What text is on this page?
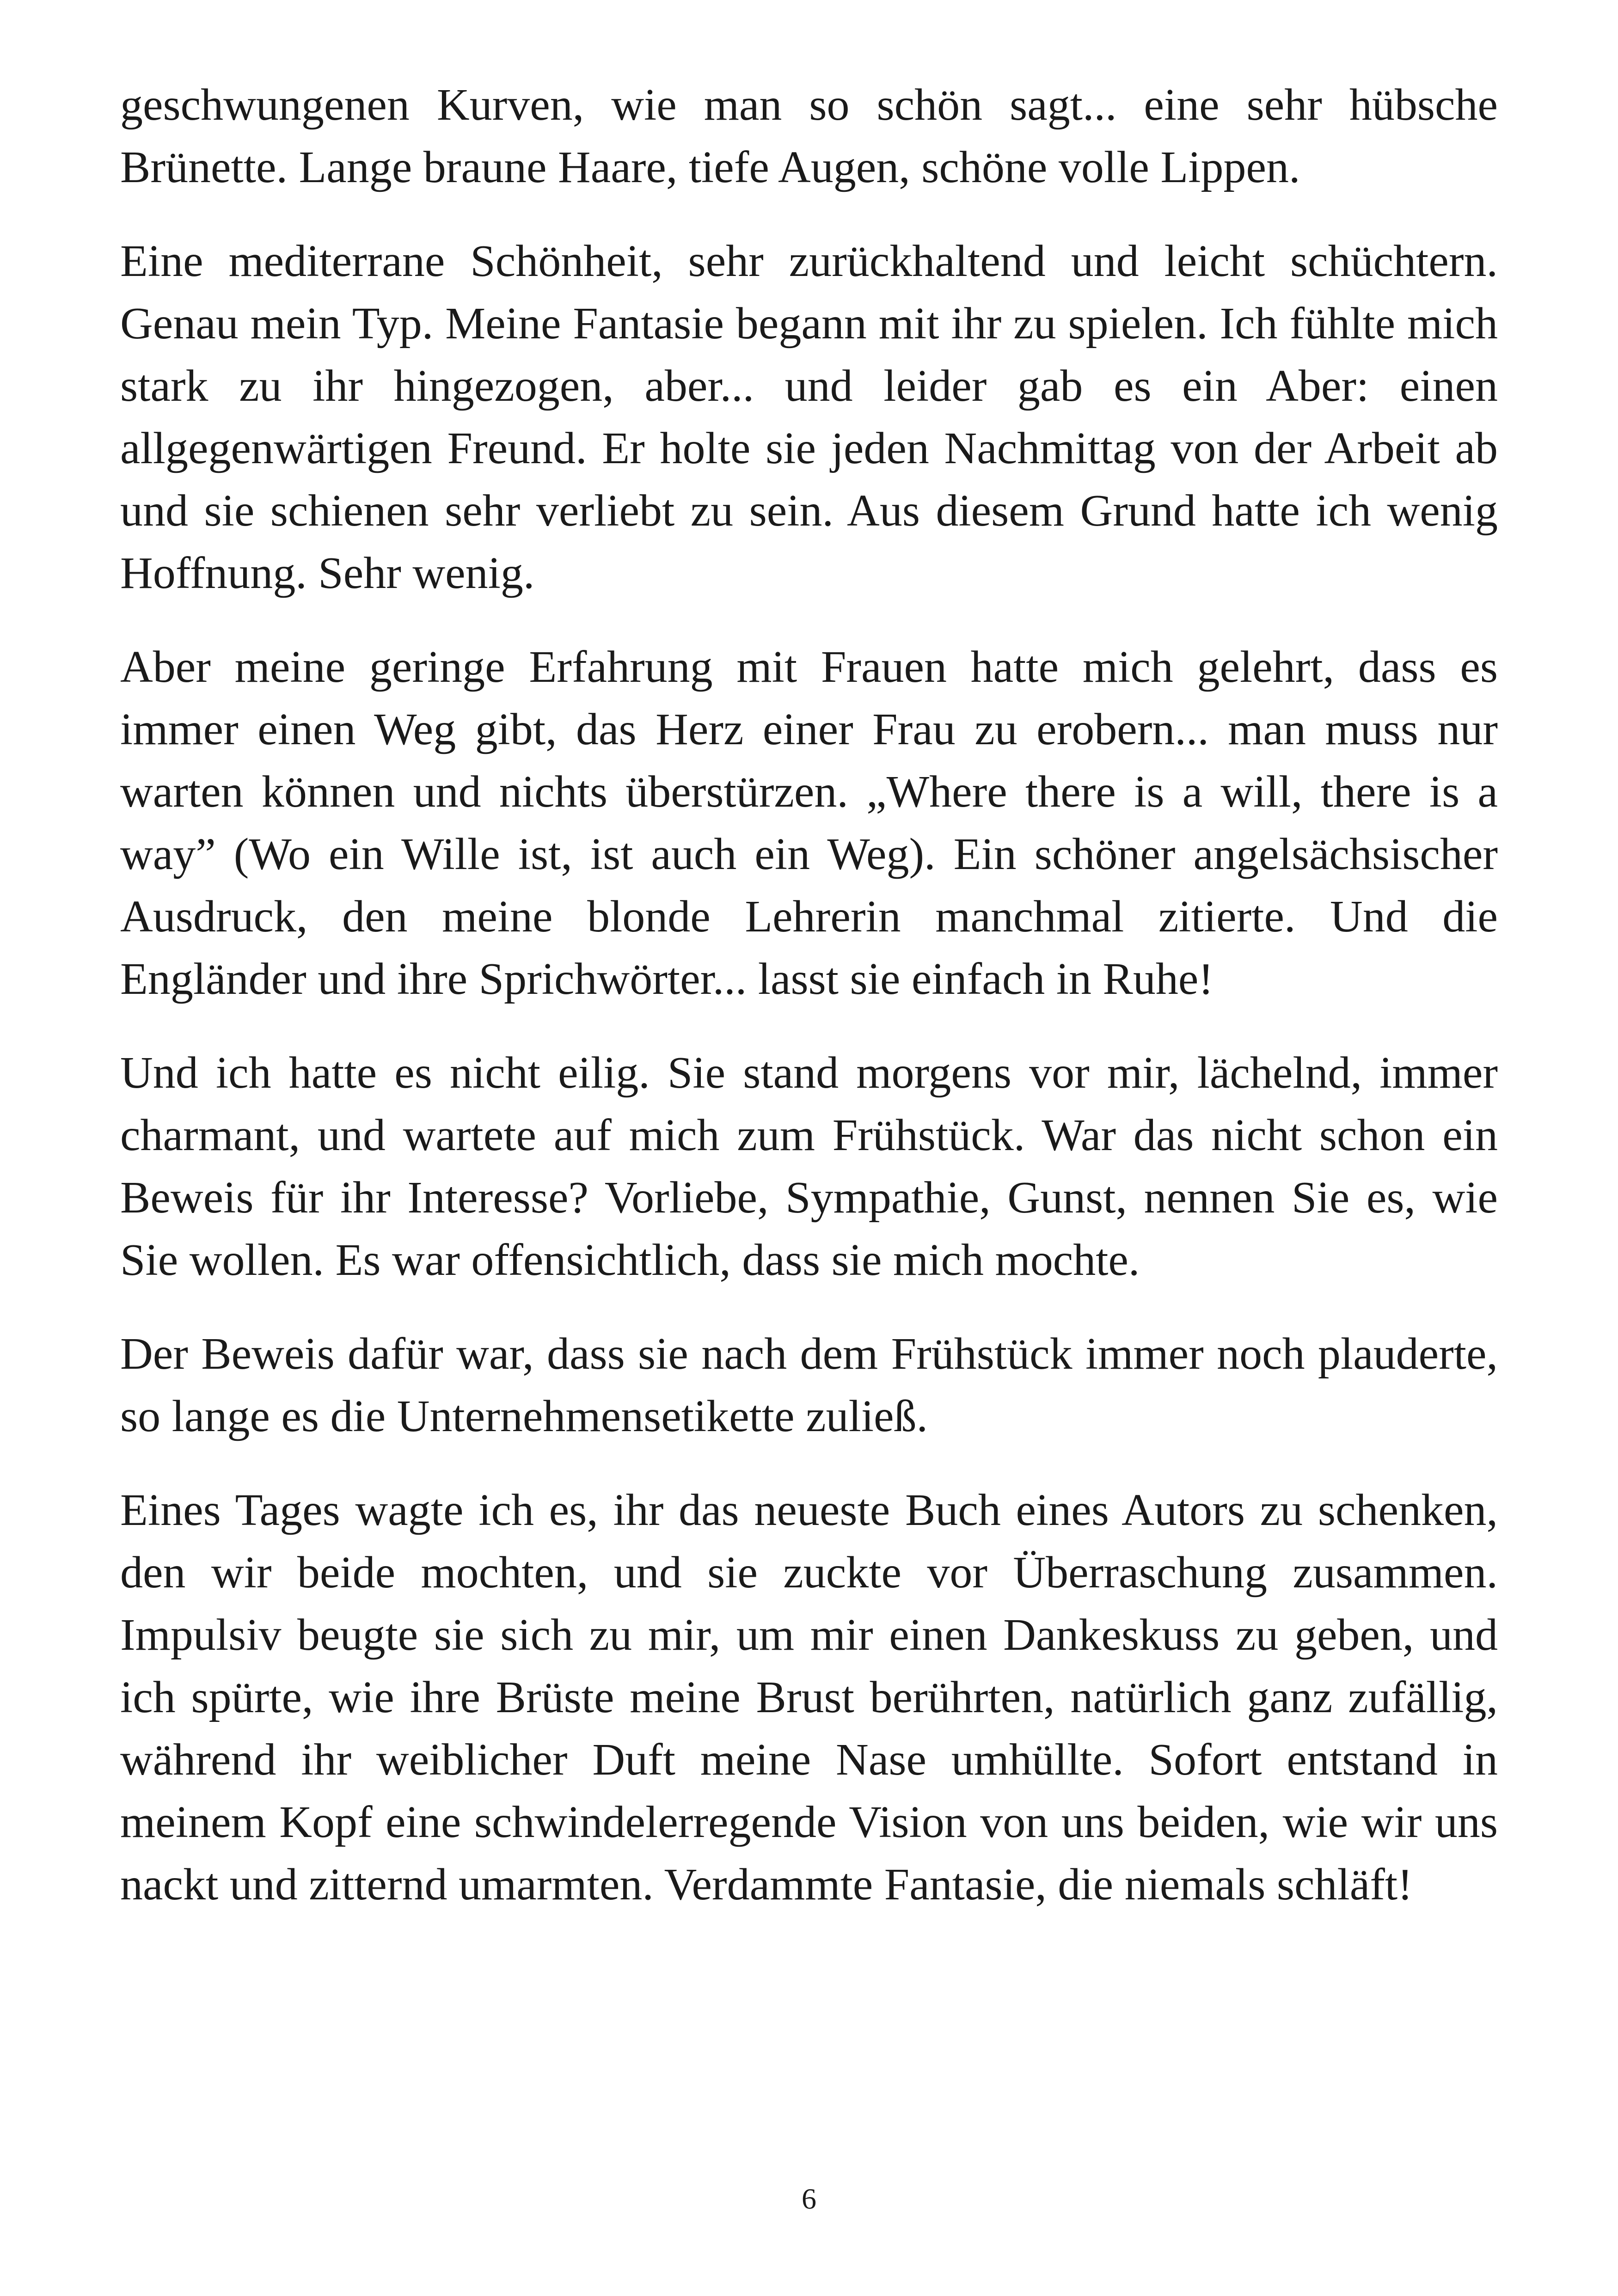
geschwungenen Kurven, wie man so schön sagt... eine sehr hübsche Brünette. Lange braune Haare, tiefe Augen, schöne volle Lippen.

Eine mediterrane Schönheit, sehr zurückhaltend und leicht schüchtern. Genau mein Typ. Meine Fantasie begann mit ihr zu spielen. Ich fühlte mich stark zu ihr hingezogen, aber... und leider gab es ein Aber: einen allgegenwärtigen Freund. Er holte sie jeden Nachmittag von der Arbeit ab und sie schienen sehr verliebt zu sein. Aus diesem Grund hatte ich wenig Hoffnung. Sehr wenig.

Aber meine geringe Erfahrung mit Frauen hatte mich gelehrt, dass es immer einen Weg gibt, das Herz einer Frau zu erobern... man muss nur warten können und nichts überstürzen. „Where there is a will, there is a way” (Wo ein Wille ist, ist auch ein Weg). Ein schöner angelsächsischer Ausdruck, den meine blonde Lehrerin manchmal zitierte. Und die Engländer und ihre Sprichwörter... lasst sie einfach in Ruhe!

Und ich hatte es nicht eilig. Sie stand morgens vor mir, lächelnd, immer charmant, und wartete auf mich zum Frühstück. War das nicht schon ein Beweis für ihr Interesse? Vorliebe, Sympathie, Gunst, nennen Sie es, wie Sie wollen. Es war offensichtlich, dass sie mich mochte.

Der Beweis dafür war, dass sie nach dem Frühstück immer noch plauderte, so lange es die Unternehmensetikette zuließ.

Eines Tages wagte ich es, ihr das neueste Buch eines Autors zu schenken, den wir beide mochten, und sie zuckte vor Überraschung zusammen. Impulsiv beugte sie sich zu mir, um mir einen Dankeskuss zu geben, und ich spürte, wie ihre Brüste meine Brust berührten, natürlich ganz zufällig, während ihr weiblicher Duft meine Nase umhüllte. Sofort entstand in meinem Kopf eine schwindelerregende Vision von uns beiden, wie wir uns nackt und zitternd umarmten. Verdammte Fantasie, die niemals schläft!

6
